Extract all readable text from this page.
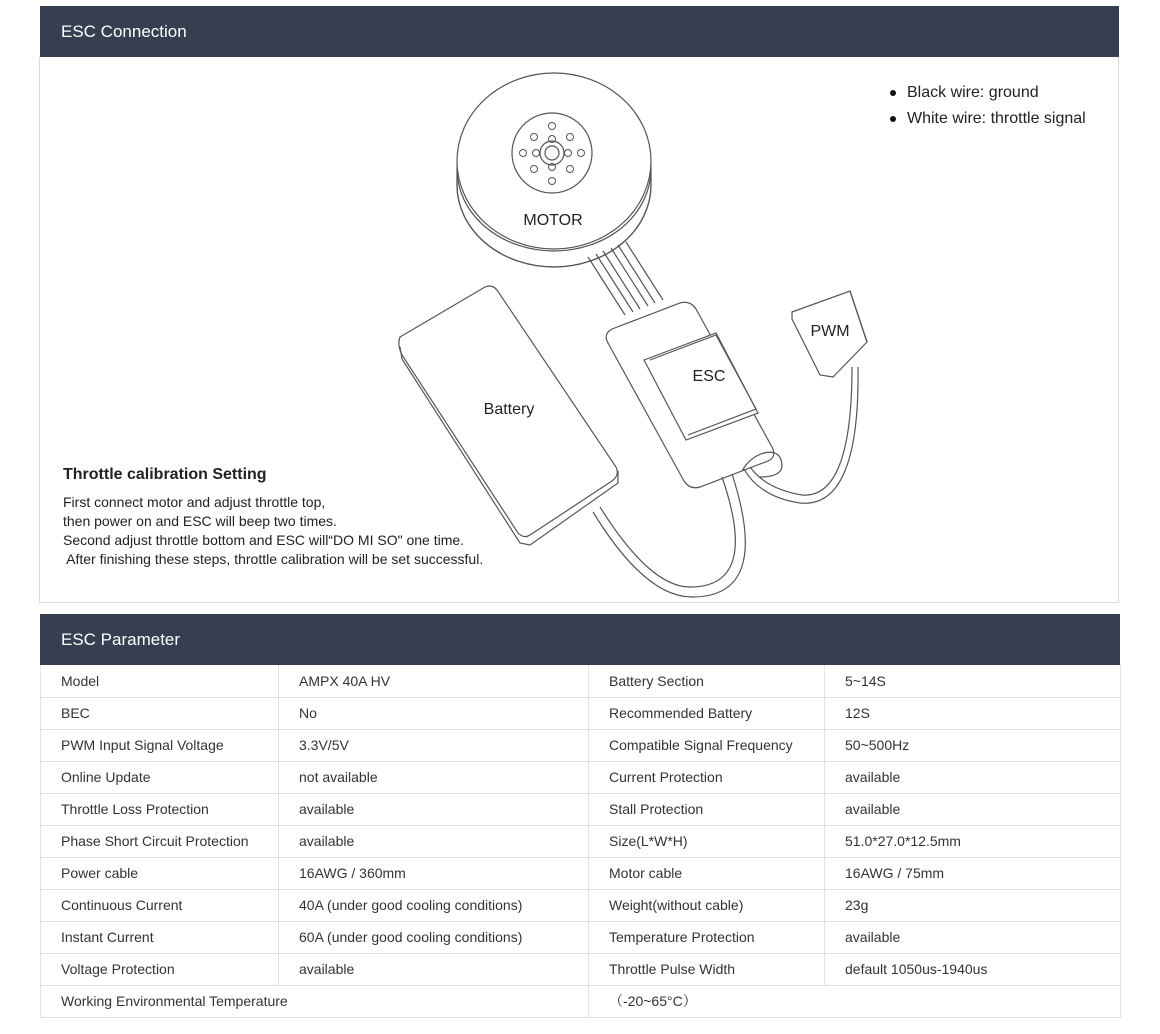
ESC Connection
MOTOR
Battery
ESC
PWM
Black wire: ground
White wire: throttle signal
Throttle calibration Setting

First connect motor and adjust throttle top,

then power on and ESC will beep two times.

Second adjust throttle bottom and ESC will“DO MI SO" one time.

After finishing these steps, throttle calibration will be set successful.

ESC Parameter
Model	AMPX 40A HV	Battery Section	5~14S
BEC	No	Recommended Battery	12S
PWM Input Signal Voltage	3.3V/5V	Compatible Signal Frequency	50~500Hz
Online Update	not available	Current Protection	available
Throttle Loss Protection	available	Stall Protection	available
Phase Short Circuit Protection	available	Size(L*W*H)	51.0*27.0*12.5mm
Power cable	16AWG / 360mm	Motor cable	16AWG / 75mm
Continuous Current	40A (under good cooling conditions)	Weight(without cable)	23g
Instant Current	60A (under good cooling conditions)	Temperature Protection	available
Voltage Protection	available	Throttle Pulse Width	default 1050us-1940us
Working Environmental Temperature		（-20~65°C）	
